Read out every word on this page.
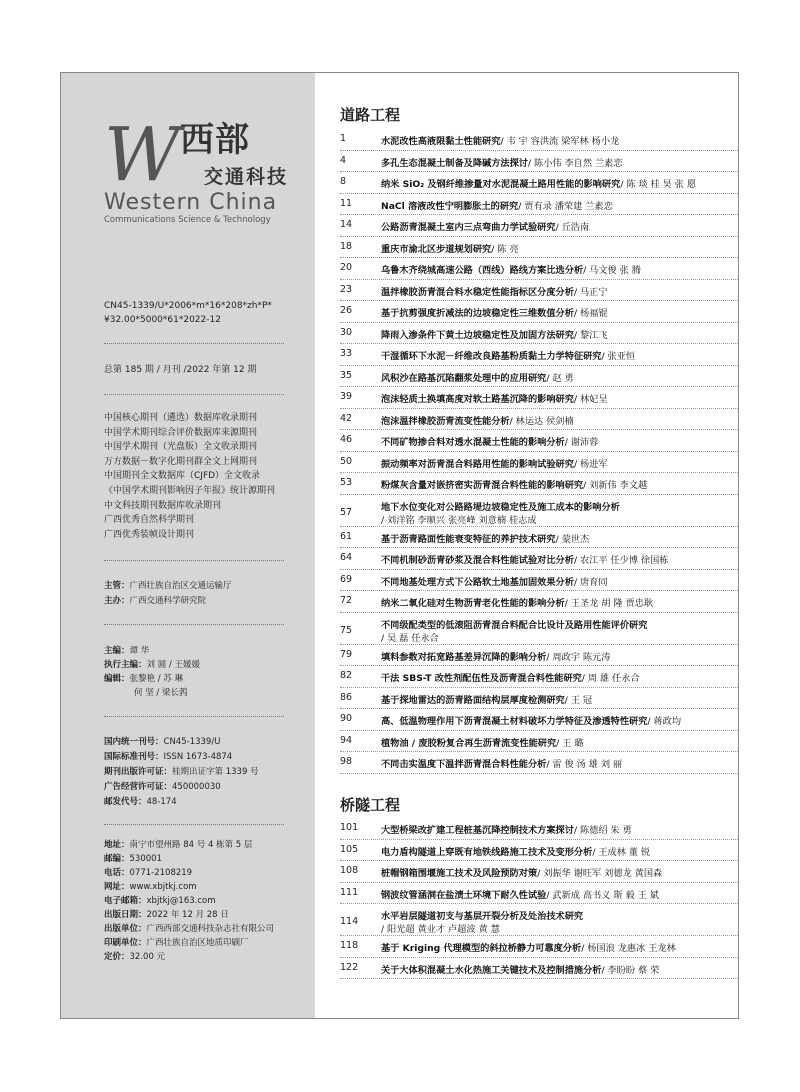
W 西部
交通科技
Western China
Communications Science & Technology
CN45-1339/U*2006*m*16*208*zh*P*
¥32.00*5000*61*2022-12
总第 185 期 / 月刊 /2022 年第 12 期
中国核心期刊（遴选）数据库收录期刊
中国学术期刊综合评价数据库来源期刊
中国学术期刊（光盘版）全文收录期刊
万方数据－数字化期刊群全文上网期刊
中国期刊全文数据库（CJFD）全文收录
《中国学术期刊影响因子年报》统计源期刊
中文科技期刊数据库收录期刊
广西优秀自然科学期刊
广西优秀装帧设计期刊
主管：广西壮族自治区交通运输厅
主办：广西交通科学研究院
主编：谭 华
执行主编：刘 圆 / 王媛媛
编辑：张黎艳 / 苏 琳
何 坚 / 梁长鹁
国内统一刊号：CN45-1339/U
国际标准刊号：ISSN 1673-4874
期刊出版许可证：桂期出证字第 1339 号
广告经营许可证：450000030
邮发代号：48-174
地址：南宁市望州路 84 号 4 栋第 5 层
邮编：530001
电话：0771-2108219
网址：www.xbjtkj.com
电子邮箱：xbjtkj@163.com
出版日期：2022 年 12 月 28 日
出版单位：广西西部交通科技杂志社有限公司
印刷单位：广西壮族自治区地质印刷厂
定价：32.00 元
道路工程
1	水泥改性高液限黏土性能研究/ 韦 宇 容洪流 梁军林 杨小龙
4	多孔生态混凝土制备及降碱方法探讨/ 陈小伟 李自然 兰素恋
8	纳米 SiO₂ 及钢纤维掺量对水泥混凝土路用性能的影响研究/ 陈 琰 桂 昊 张 愿
11	NaCl 溶液改性宁明膨胀土的研究/ 贾有录 潘荣建 兰素恋
14	公路沥青混凝土室内三点弯曲力学试验研究/ 丘浩南
18	重庆市渝北区步道规划研究/ 陈 亮
20	乌鲁木齐绕城高速公路（西线）路线方案比选分析/ 马文俊 张 腾
23	温拌橡胶沥青混合料水稳定性能指标区分度分析/ 马正宁
26	基于抗剪强度折减法的边坡稳定性三维数值分析/ 杨福锟
30	降雨入渗条件下黄土边坡稳定性及加固方法研究/ 黎江飞
33	干湿循环下水泥－纤维改良路基粉质黏土力学特征研究/ 张亚恒
35	风积沙在路基沉陷翻浆处理中的应用研究/ 赵 勇
39	泡沫轻质土换填高度对软土路基沉降的影响研究/ 林妃呈
42	泡沫温拌橡胶沥青流变性能分析/ 林运达 侯剑楠
46	不同矿物掺合料对透水混凝土性能的影响分析/ 谢沛蓉
50	振动频率对沥青混合料路用性能的影响试验研究/ 杨进军
53	粉煤灰含量对嵌挤密实沥青混合料性能的影响研究/ 刘新伟 李文越
57	地下水位变化对公路路堤边坡稳定性及施工成本的影响分析
/ 刘洋铭 李顺兴 张亮峰 刘意楠 桂志成
61	基于沥青路面性能衰变特征的养护技术研究/ 蒙世杰
64	不同机制砂沥青砂浆及混合料性能试验对比分析/ 农江平 任少博 徐国栋
69	不同地基处理方式下公路软土地基加固效果分析/ 唐育同
72	纳米二氧化硅对生物沥青老化性能的影响分析/ 王圣龙 胡 隆 贾忠耿
75	不同级配类型的低滚阻沥青混合料配合比设计及路用性能评价研究
/ 吴 磊 任永合
79	填料参数对拓宽路基差异沉降的影响分析/ 周政宇 陈元涛
82	干法 SBS-T 改性剂配伍性及沥青混合料性能研究/ 周 雄 任永合
86	基于探地雷达的沥青路面结构层厚度检测研究/ 王 冠
90	高、低温物理作用下沥青混凝土材料破坏力学特征及渗透特性研究/ 蒋政均
94	植物油 / 废胶粉复合再生沥青流变性能研究/ 王 璐
98	不同击实温度下温拌沥青混合料性能分析/ 雷 俊 汤 雄 刘 丽
桥隧工程
101 大型桥梁改扩建工程桩基沉降控制技术方案探讨/ 陈德绍 朱 勇
105 电力盾构隧道上穿既有地铁线路施工技术及变形分析/ 王成林 董 锐
108 桩帽钢箱围堰施工技术及风险预防对策/ 刘振华 谢旺军 刘德龙 黄国森
111 钢波纹管涵洞在盐渍土环境下耐久性试验/ 武新成 高书义 斯 毅 王 斌
114 水平岩层隧道初支与基层开裂分析及处治技术研究
/ 阳光超 黄业才 卢超波 黄 慧
118 基于 Kriging 代理模型的斜拉桥静力可靠度分析/ 杨国浪 龙惠冰 王龙林
122 关于大体积混凝土水化热施工关键技术及控制措施分析/ 李盼盼 蔡 荣
